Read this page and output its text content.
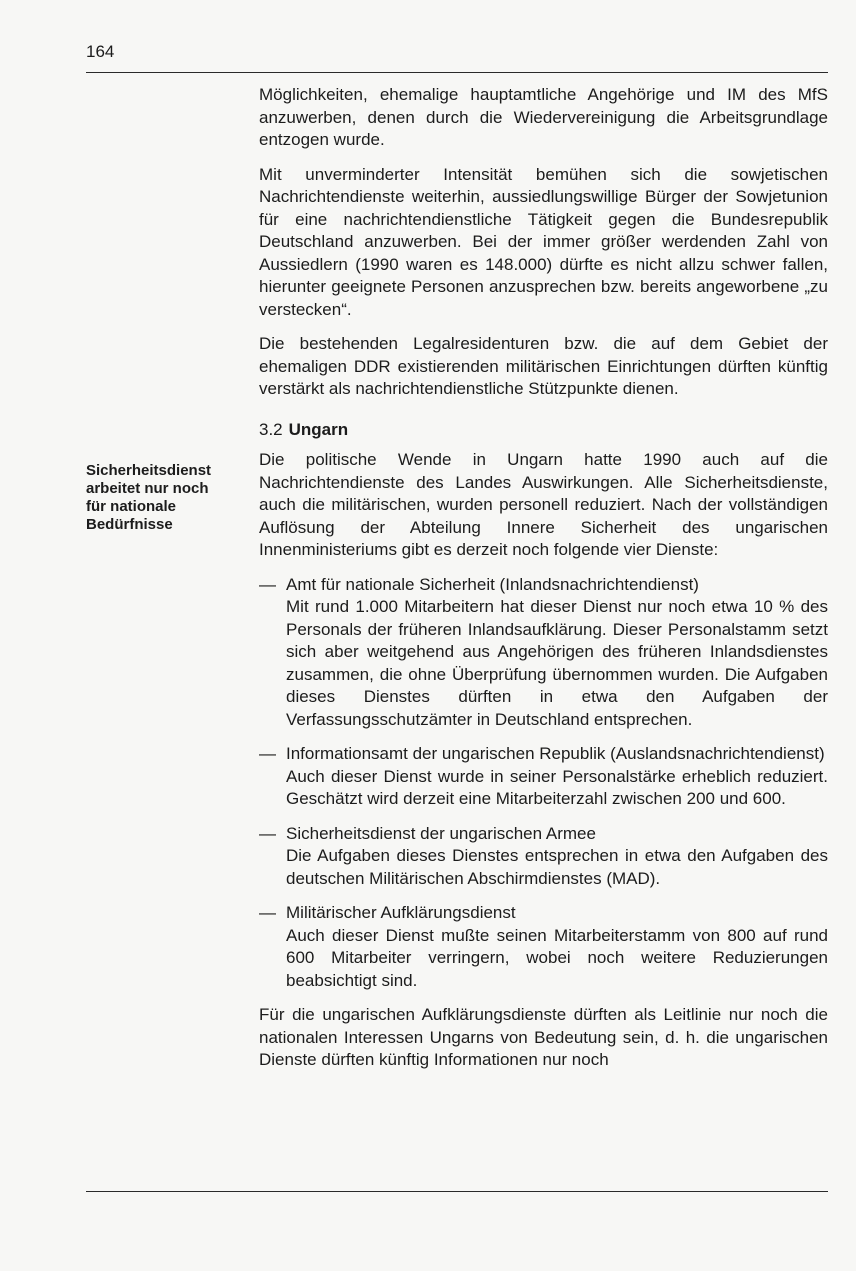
164
Sicherheitsdienst
arbeitet nur noch
für nationale
Bedürfnisse

Möglichkeiten, ehemalige hauptamtliche Angehörige und IM des MfS anzuwerben, denen durch die Wiedervereinigung die Arbeitsgrundlage entzogen wurde.

Mit unverminderter Intensität bemühen sich die sowjetischen Nachrichtendienste weiterhin, aussiedlungswillige Bürger der Sowjetunion für eine nachrichtendienstliche Tätigkeit gegen die Bundesrepublik Deutschland anzuwerben. Bei der immer größer werdenden Zahl von Aussiedlern (1990 waren es 148.000) dürfte es nicht allzu schwer fallen, hierunter geeignete Personen anzusprechen bzw. bereits angeworbene „zu verstecken“.

Die bestehenden Legalresidenturen bzw. die auf dem Gebiet der ehemaligen DDR existierenden militärischen Einrichtungen dürften künftig verstärkt als nachrichtendienstliche Stützpunkte dienen.

3.2 Ungarn

Die politische Wende in Ungarn hatte 1990 auch auf die Nachrichtendienste des Landes Auswirkungen. Alle Sicherheitsdienste, auch die militärischen, wurden personell reduziert. Nach der vollständigen Auflösung der Abteilung Innere Sicherheit des ungarischen Innenministeriums gibt es derzeit noch folgende vier Dienste:

— Amt für nationale Sicherheit (Inlandsnachrichtendienst)
Mit rund 1.000 Mitarbeitern hat dieser Dienst nur noch etwa 10 % des Personals der früheren Inlandsaufklärung. Dieser Personalstamm setzt sich aber weitgehend aus Angehörigen des früheren Inlandsdienstes zusammen, die ohne Überprüfung übernommen wurden. Die Aufgaben dieses Dienstes dürften in etwa den Aufgaben der Verfassungsschutzämter in Deutschland entsprechen.
— Informationsamt der ungarischen Republik (Auslandsnachrichtendienst)
Auch dieser Dienst wurde in seiner Personalstärke erheblich reduziert. Geschätzt wird derzeit eine Mitarbeiterzahl zwischen 200 und 600.
— Sicherheitsdienst der ungarischen Armee
Die Aufgaben dieses Dienstes entsprechen in etwa den Aufgaben des deutschen Militärischen Abschirmdienstes (MAD).
— Militärischer Aufklärungsdienst
Auch dieser Dienst mußte seinen Mitarbeiterstamm von 800 auf rund 600 Mitarbeiter verringern, wobei noch weitere Reduzierungen beabsichtigt sind.

Für die ungarischen Aufklärungsdienste dürften als Leitlinie nur noch die nationalen Interessen Ungarns von Bedeutung sein, d. h. die ungarischen Dienste dürften künftig Informationen nur noch
